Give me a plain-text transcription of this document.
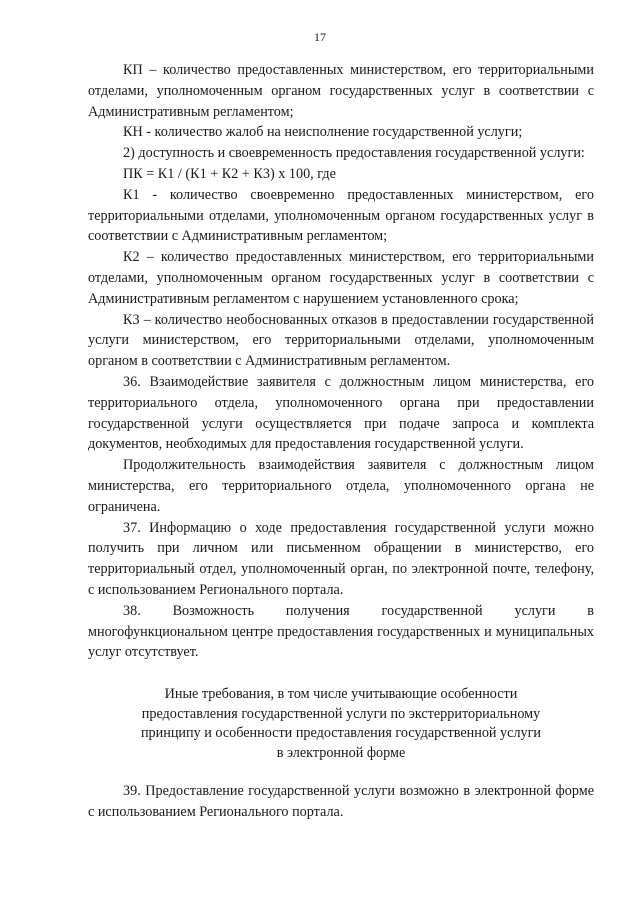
17

КП – количество предоставленных министерством, его территориальными отделами, уполномоченным органом государственных услуг в соответствии с Административным регламентом;

КН - количество жалоб на неисполнение государственной услуги;

2) доступность и своевременность предоставления государственной услуги:

ПК = К1 / (К1 + К2 + К3) х 100, где

К1 - количество своевременно предоставленных министерством, его территориальными отделами, уполномоченным органом государственных услуг в соответствии с Административным регламентом;

К2 – количество предоставленных министерством, его территориальными отделами, уполномоченным органом государственных услуг в соответствии с Административным регламентом с нарушением установленного срока;

К3 – количество необоснованных отказов в предоставлении государственной услуги министерством, его территориальными отделами, уполномоченным органом в соответствии с Административным регламентом.

36. Взаимодействие заявителя с должностным лицом министерства, его территориального отдела, уполномоченного органа при предоставлении государственной услуги осуществляется при подаче запроса и комплекта документов, необходимых для предоставления государственной услуги.

Продолжительность взаимодействия заявителя с должностным лицом министерства, его территориального отдела, уполномоченного органа не ограничена.

37. Информацию о ходе предоставления государственной услуги можно получить при личном или письменном обращении в министерство, его территориальный отдел, уполномоченный орган, по электронной почте, телефону, с использованием Регионального портала.

38. Возможность получения государственной услуги в многофункциональном центре предоставления государственных и муниципальных услуг отсутствует.

Иные требования, в том числе учитывающие особенности
предоставления государственной услуги по экстерриториальному
принципу и особенности предоставления государственной услуги
в электронной форме

39. Предоставление государственной услуги возможно в электронной форме с использованием Регионального портала.
